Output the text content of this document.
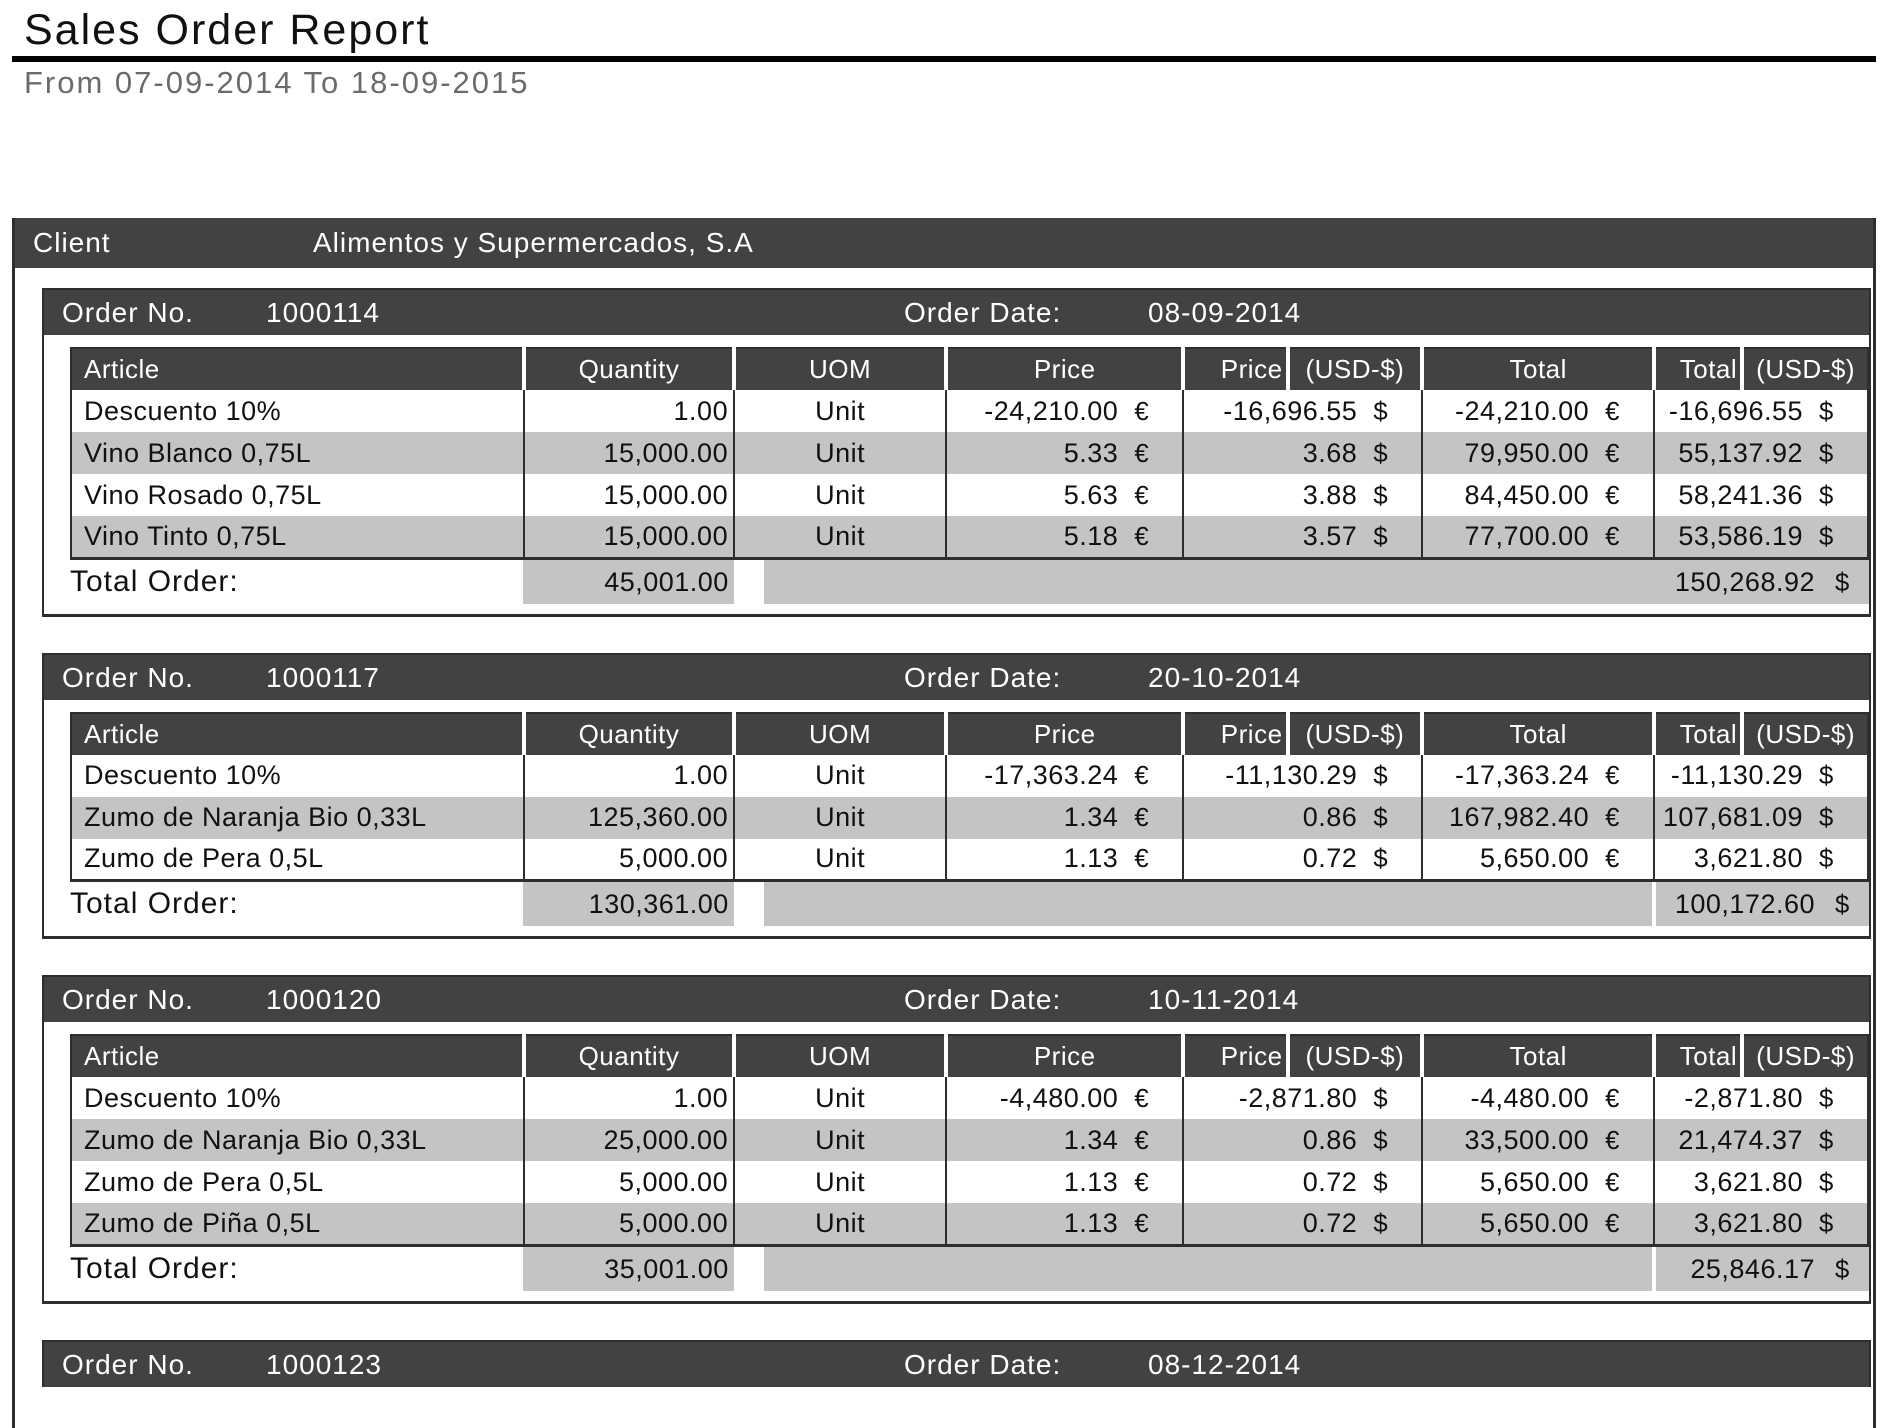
Sales Order Report
From 07-09-2014 To 18-09-2015
Client	Alimentos y Supermercados, S.A
Order No.	1000114	Order Date:	08-09-2014
Article	Quantity	UOM	Price	Price	(USD-$)	Total	Total	(USD-$)
Descuento 10%	1.00	Unit	-24,210.00 €	-16,696.55 $		-24,210.00 €	-16,696.55 $	
Vino Blanco 0,75L	15,000.00	Unit	5.33 €	3.68 $		79,950.00 €	55,137.92 $	
Vino Rosado 0,75L	15,000.00	Unit	5.63 €	3.88 $		84,450.00 €	58,241.36 $	
Vino Tinto 0,75L	15,000.00	Unit	5.18 €	3.57 $		77,700.00 €	53,586.19 $	
Total Order:	45,001.00	150,268.92 $
Order No.	1000117	Order Date:	20-10-2014
Article	Quantity	UOM	Price	Price	(USD-$)	Total	Total	(USD-$)
Descuento 10%	1.00	Unit	-17,363.24 €	-11,130.29 $		-17,363.24 €	-11,130.29 $	
Zumo de Naranja Bio 0,33L	125,360.00	Unit	1.34 €	0.86 $		167,982.40 €	107,681.09 $	
Zumo de Pera 0,5L	5,000.00	Unit	1.13 €	0.72 $		5,650.00 €	3,621.80 $	
Total Order:	130,361.00	100,172.60 $
Order No.	1000120	Order Date:	10-11-2014
Article	Quantity	UOM	Price	Price	(USD-$)	Total	Total	(USD-$)
Descuento 10%	1.00	Unit	-4,480.00 €	-2,871.80 $		-4,480.00 €	-2,871.80 $	
Zumo de Naranja Bio 0,33L	25,000.00	Unit	1.34 €	0.86 $		33,500.00 €	21,474.37 $	
Zumo de Pera 0,5L	5,000.00	Unit	1.13 €	0.72 $		5,650.00 €	3,621.80 $	
Zumo de Piña 0,5L	5,000.00	Unit	1.13 €	0.72 $		5,650.00 €	3,621.80 $	
Total Order:	35,001.00	25,846.17 $
Order No.	1000123	Order Date:	08-12-2014
